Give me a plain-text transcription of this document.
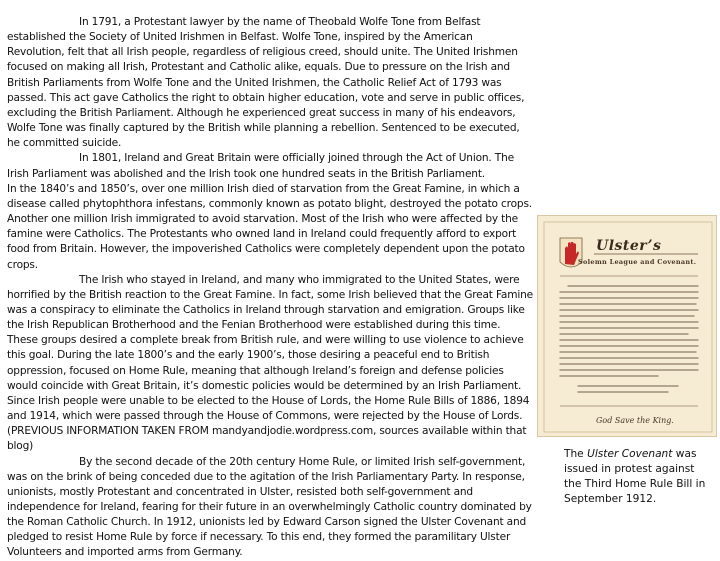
In 1791, a Protestant lawyer by the name of Theobald Wolfe Tone from Belfast established the Society of United Irishmen in Belfast. Wolfe Tone, inspired by the American Revolution, felt that all Irish people, regardless of religious creed, should unite. The United Irishmen focused on making all Irish, Protestant and Catholic alike, equals. Due to pressure on the Irish and British Parliaments from Wolfe Tone and the United Irishmen, the Catholic Relief Act of 1793 was passed. This act gave Catholics the right to obtain higher education, vote and serve in public offices, excluding the British Parliament. Although he experienced great success in many of his endeavors, Wolfe Tone was finally captured by the British while planning a rebellion. Sentenced to be executed, he committed suicide.

In 1801, Ireland and Great Britain were officially joined through the Act of Union. The Irish Parliament was abolished and the Irish took one hundred seats in the British Parliament.

In the 1840’s and 1850’s, over one million Irish died of starvation from the Great Famine, in which a disease called phytophthora infestans, commonly known as potato blight, destroyed the potato crops. Another one million Irish immigrated to avoid starvation. Most of the Irish who were affected by the famine were Catholics. The Protestants who owned land in Ireland could frequently afford to export food from Britain. However, the impoverished Catholics were completely dependent upon the potato crops.

The Irish who stayed in Ireland, and many who immigrated to the United States, were horrified by the British reaction to the Great Famine. In fact, some Irish believed that the Great Famine was a conspiracy to eliminate the Catholics in Ireland through starvation and emigration. Groups like the Irish Republican Brotherhood and the Fenian Brotherhood were established during this time. These groups desired a complete break from British rule, and were willing to use violence to achieve this goal. During the late 1800’s and the early 1900’s, those desiring a peaceful end to British oppression, focused on Home Rule, meaning that although Ireland’s foreign and defense policies would coincide with Great Britain, it’s domestic policies would be determined by an Irish Parliament. Since Irish people were unable to be elected to the House of Lords, the Home Rule Bills of 1886, 1894 and 1914, which were passed through the House of Commons, were rejected by the House of Lords. (PREVIOUS INFORMATION TAKEN FROM mandyandjodie.wordpress.com, sources available within that blog)

By the second decade of the 20th century Home Rule, or limited Irish self-government, was on the brink of being conceded due to the agitation of the Irish Parliamentary Party. In response, unionists, mostly Protestant and concentrated in Ulster, resisted both self-government and independence for Ireland, fearing for their future in an overwhelmingly Catholic country dominated by the Roman Catholic Church. In 1912, unionists led by Edward Carson signed the Ulster Covenant and pledged to resist Home Rule by force if necessary. To this end, they formed the paramilitary Ulster Volunteers and imported arms from Germany.

Ulster’s
Solemn League and Covenant.
God Save the King.
The Ulster Covenant was issued in protest against the Third Home Rule Bill in September 1912.
